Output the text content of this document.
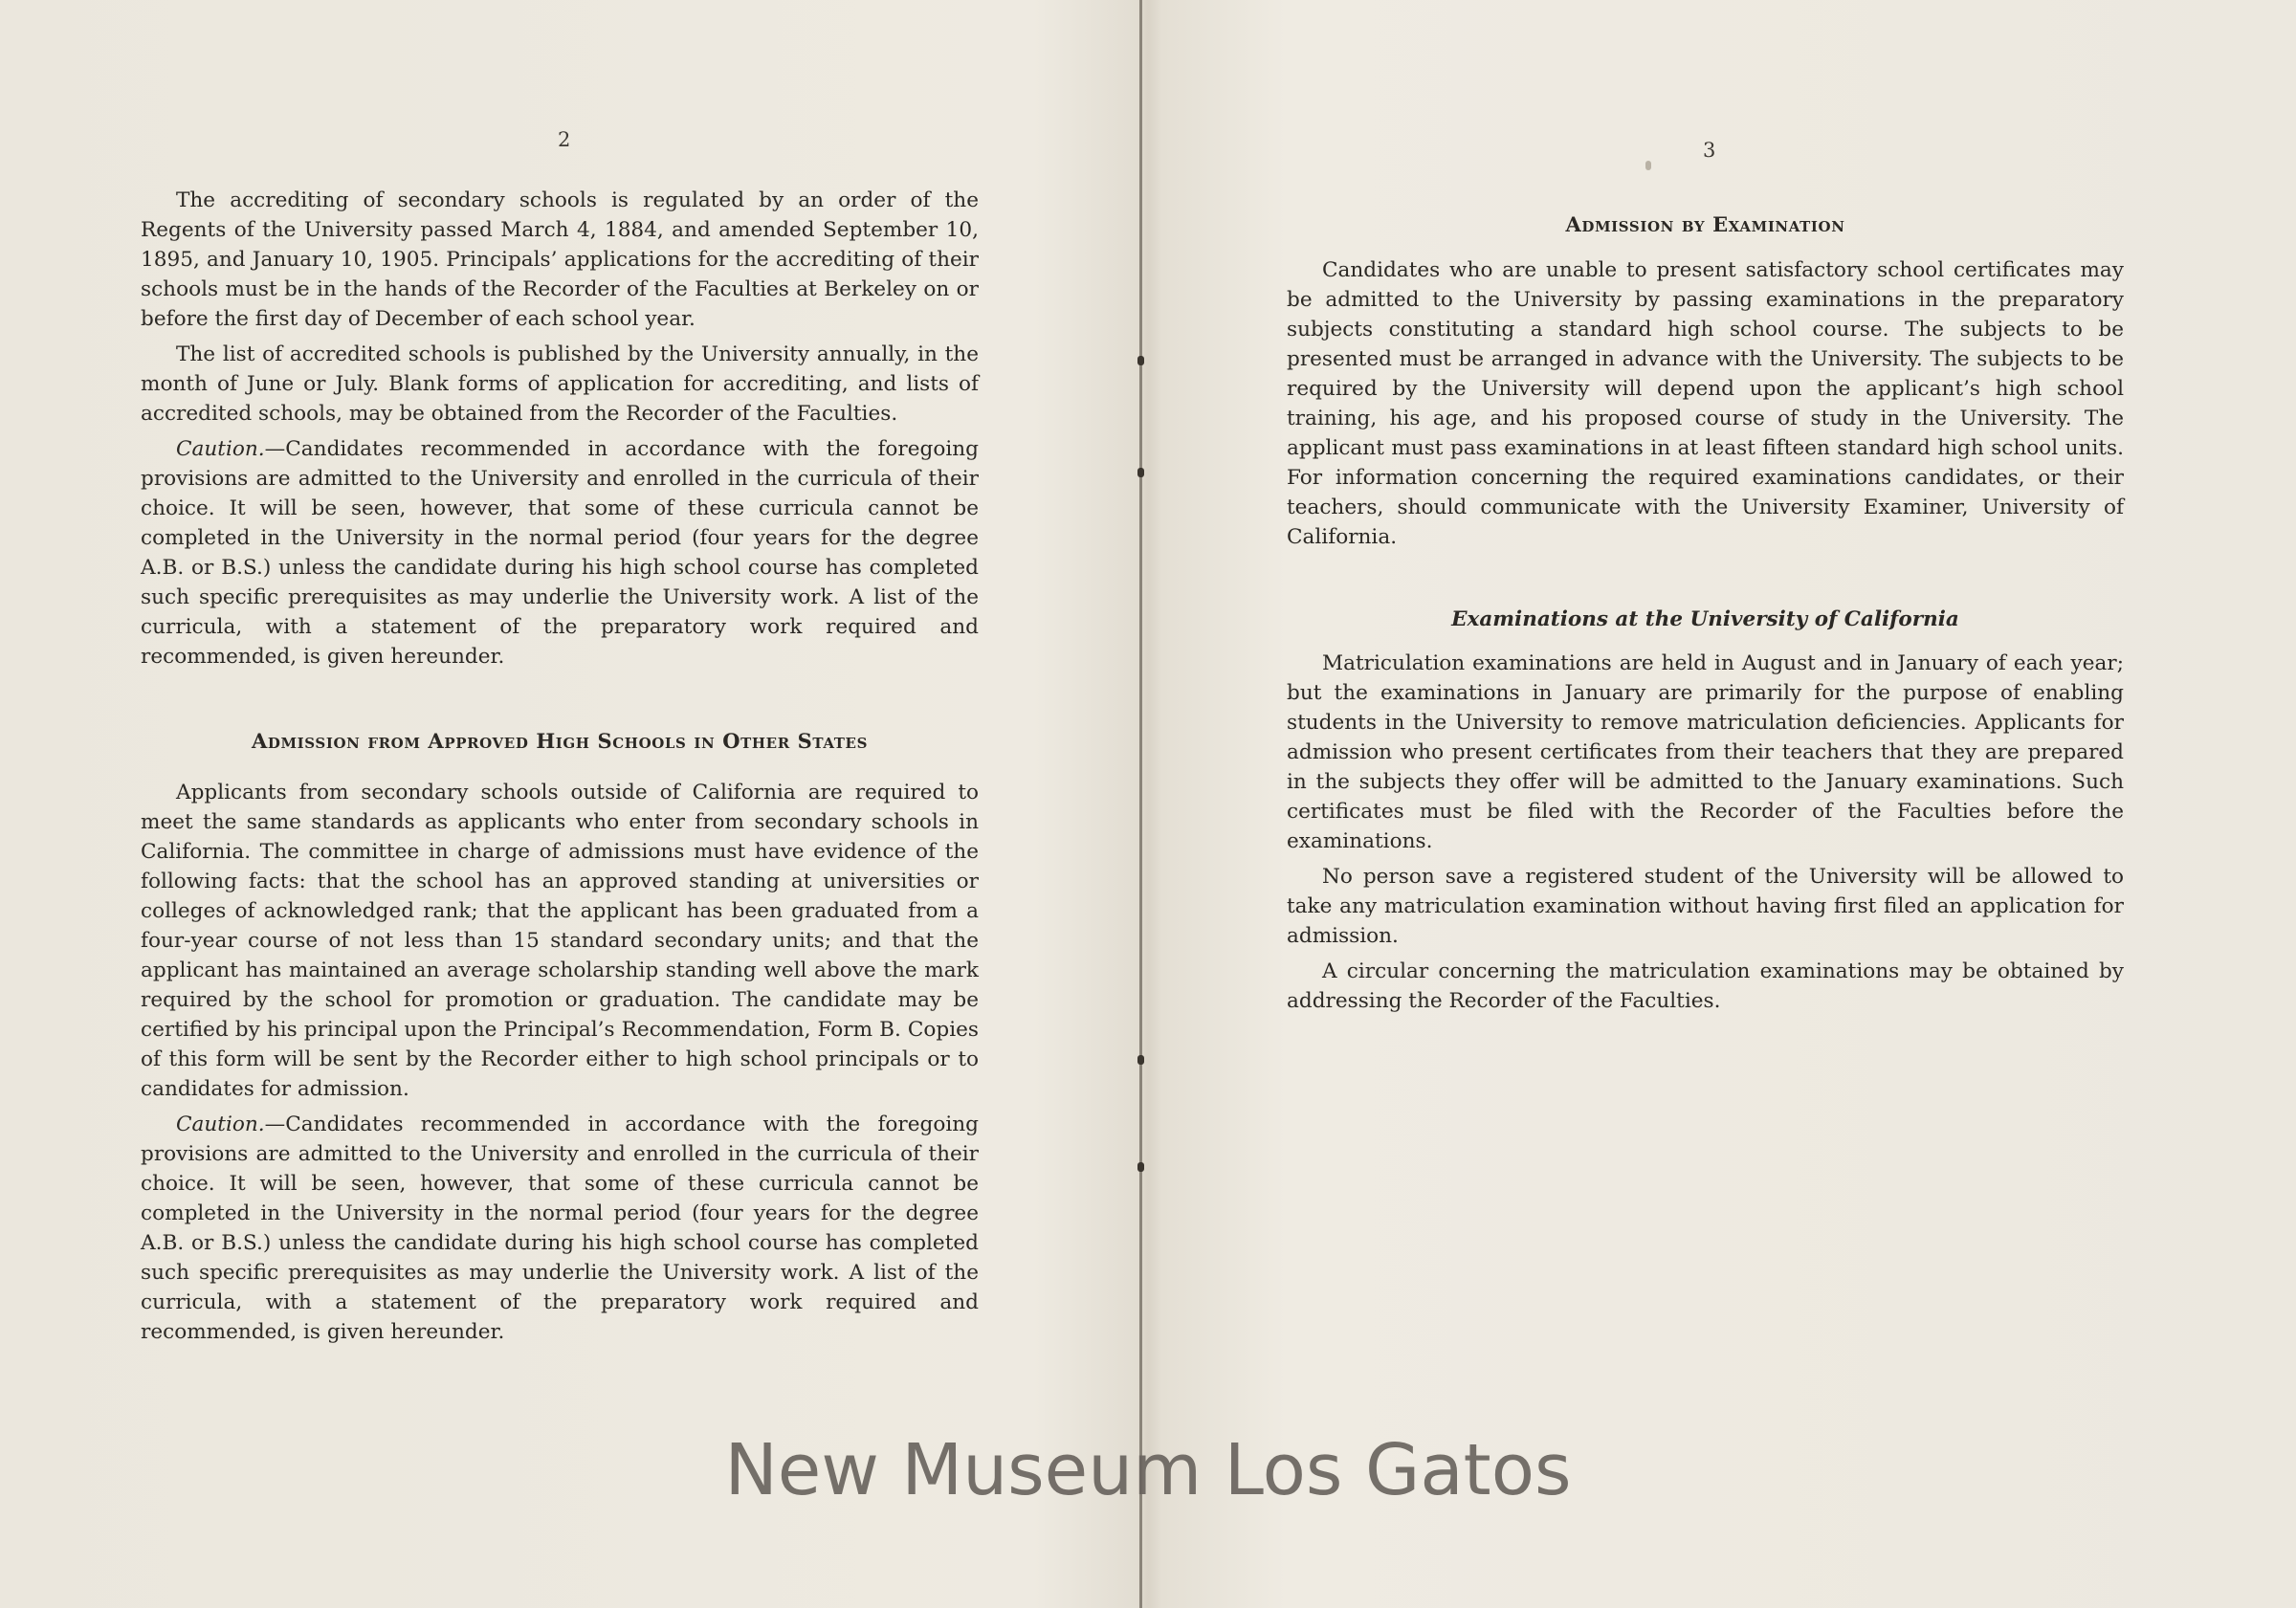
2

The accrediting of secondary schools is regulated by an order of the Regents of the University passed March 4, 1884, and amended September 10, 1895, and January 10, 1905. Principals’ applications for the accrediting of their schools must be in the hands of the Recorder of the Faculties at Berkeley on or before the first day of December of each school year.

The list of accredited schools is published by the University annually, in the month of June or July. Blank forms of application for accrediting, and lists of accredited schools, may be obtained from the Recorder of the Faculties.

Caution.—Candidates recommended in accordance with the foregoing provisions are admitted to the University and enrolled in the curricula of their choice. It will be seen, however, that some of these curricula cannot be completed in the University in the normal period (four years for the degree A.B. or B.S.) unless the candidate during his high school course has completed such specific prerequisites as may underlie the University work. A list of the curricula, with a statement of the preparatory work required and recommended, is given hereunder.

Admission from Approved High Schools in Other States

Applicants from secondary schools outside of California are required to meet the same standards as applicants who enter from secondary schools in California. The committee in charge of admissions must have evidence of the following facts: that the school has an approved standing at universities or colleges of acknowledged rank; that the applicant has been graduated from a four-year course of not less than 15 standard secondary units; and that the applicant has maintained an average scholarship standing well above the mark required by the school for promotion or graduation. The candidate may be certified by his principal upon the Principal’s Recommendation, Form B. Copies of this form will be sent by the Recorder either to high school principals or to candidates for admission.

Caution.—Candidates recommended in accordance with the foregoing provisions are admitted to the University and enrolled in the curricula of their choice. It will be seen, however, that some of these curricula cannot be completed in the University in the normal period (four years for the degree A.B. or B.S.) unless the candidate during his high school course has completed such specific prerequisites as may underlie the University work. A list of the curricula, with a statement of the preparatory work required and recommended, is given hereunder.

3
Admission by Examination

Candidates who are unable to present satisfactory school certificates may be admitted to the University by passing examinations in the preparatory subjects constituting a standard high school course. The subjects to be presented must be arranged in advance with the University. The subjects to be required by the University will depend upon the applicant’s high school training, his age, and his proposed course of study in the University. The applicant must pass examinations in at least fifteen standard high school units. For information concerning the required examinations candidates, or their teachers, should communicate with the University Examiner, University of California.

Examinations at the University of California

Matriculation examinations are held in August and in January of each year; but the examinations in January are primarily for the purpose of enabling students in the University to remove matriculation deficiencies. Applicants for admission who present certificates from their teachers that they are prepared in the subjects they offer will be admitted to the January examinations. Such certificates must be filed with the Recorder of the Faculties before the examinations.

No person save a registered student of the University will be allowed to take any matriculation examination without having first filed an application for admission.

A circular concerning the matriculation examinations may be obtained by addressing the Recorder of the Faculties.

New Museum Los Gatos
